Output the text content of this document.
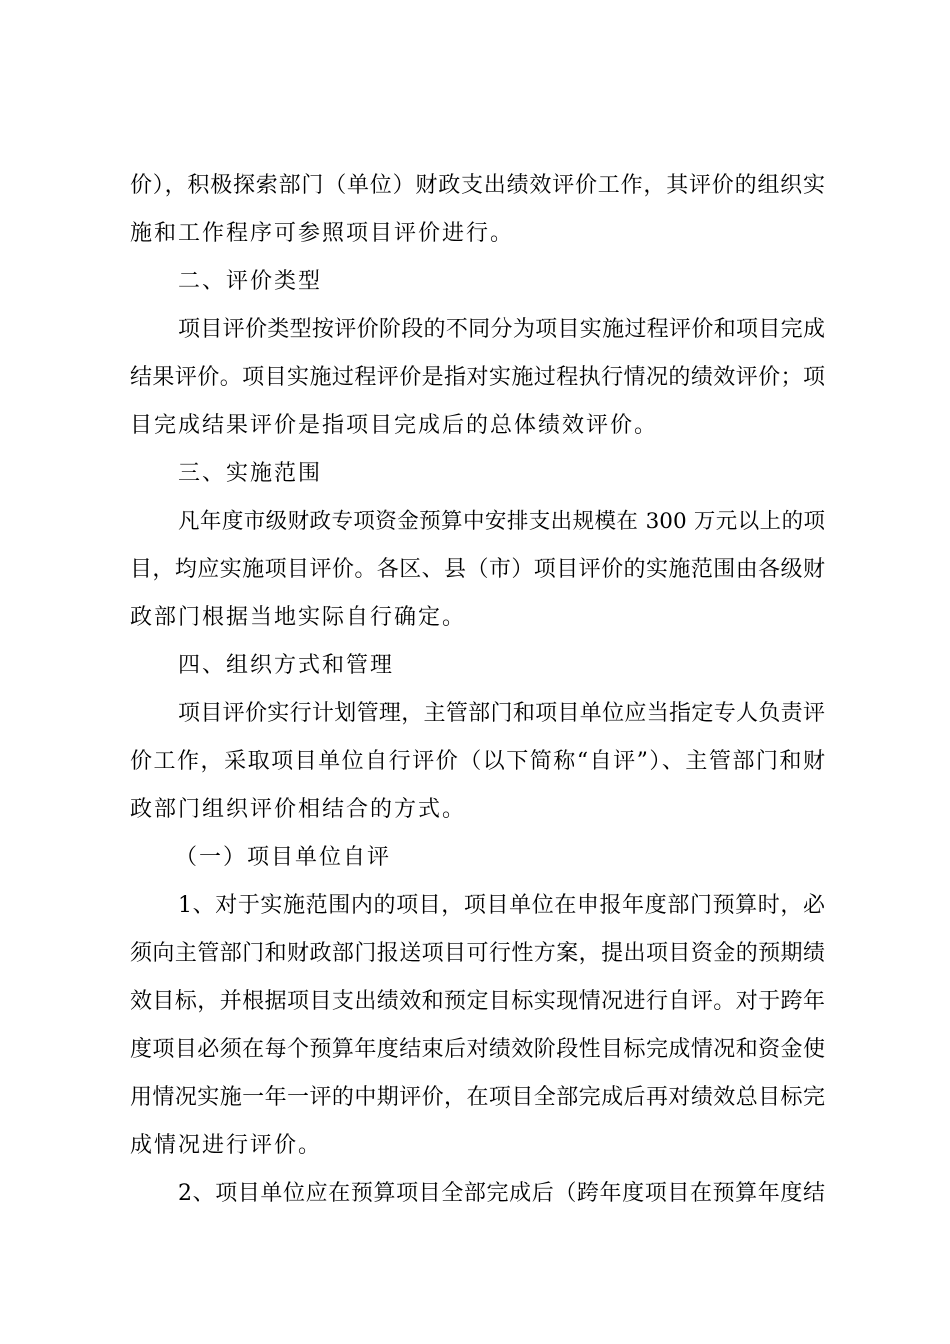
价），积极探索部门（单位）财政支出绩效评价工作，其评价的组织实
施和工作程序可参照项目评价进行。
二、评价类型
项目评价类型按评价阶段的不同分为项目实施过程评价和项目完成
结果评价。项目实施过程评价是指对实施过程执行情况的绩效评价；项
目完成结果评价是指项目完成后的总体绩效评价。
三、实施范围
凡年度市级财政专项资金预算中安排支出规模在 300 万元以上的项
目，均应实施项目评价。各区、县（市）项目评价的实施范围由各级财
政部门根据当地实际自行确定。
四、组织方式和管理
项目评价实行计划管理，主管部门和项目单位应当指定专人负责评
价工作，采取项目单位自行评价（以下简称“自评”）、主管部门和财
政部门组织评价相结合的方式。
（一）项目单位自评
1、对于实施范围内的项目，项目单位在申报年度部门预算时，必
须向主管部门和财政部门报送项目可行性方案，提出项目资金的预期绩
效目标，并根据项目支出绩效和预定目标实现情况进行自评。对于跨年
度项目必须在每个预算年度结束后对绩效阶段性目标完成情况和资金使
用情况实施一年一评的中期评价，在项目全部完成后再对绩效总目标完
成情况进行评价。
2、项目单位应在预算项目全部完成后（跨年度项目在预算年度结
